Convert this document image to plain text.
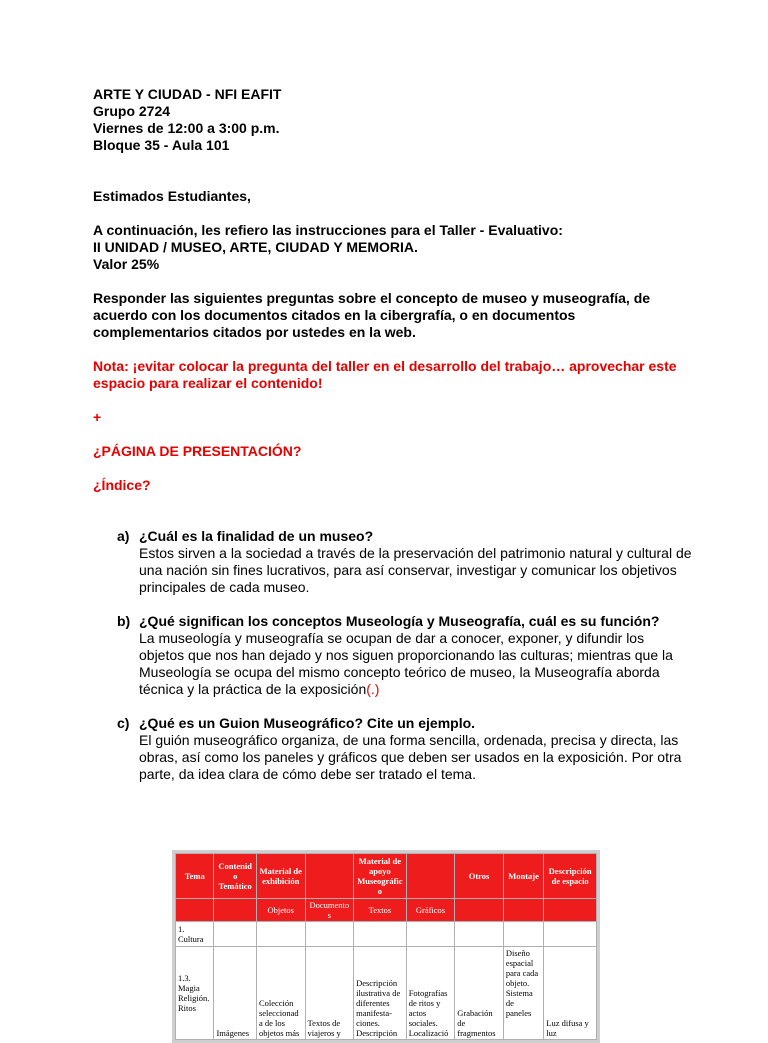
ARTE Y CIUDAD - NFI EAFIT
Grupo 2724
Viernes de 12:00 a 3:00 p.m.
Bloque 35 - Aula 101
Estimados Estudiantes,
A continuación, les refiero las instrucciones para el Taller - Evaluativo:
II UNIDAD / MUSEO, ARTE, CIUDAD Y MEMORIA.
Valor 25%
Responder las siguientes preguntas sobre el concepto de museo y museografía, de acuerdo con los documentos citados en la cibergrafía, o en documentos complementarios citados por ustedes en la web.
Nota: ¡evitar colocar la pregunta del taller en el desarrollo del trabajo… aprovechar este espacio para realizar el contenido!
+
¿PÁGINA DE PRESENTACIÓN?
¿Índice?
a) ¿Cuál es la finalidad de un museo?
Estos sirven a la sociedad a través de la preservación del patrimonio natural y cultural de una nación sin fines lucrativos, para así conservar, investigar y comunicar los objetivos principales de cada museo.
b) ¿Qué significan los conceptos Museología y Museografía, cuál es su función?
La museología y museografía se ocupan de dar a conocer, exponer, y difundir los objetos que nos han dejado y nos siguen proporcionando las culturas; mientras que la Museología se ocupa del mismo concepto teórico de museo, la Museografía aborda técnica y la práctica de la exposición(.)
c) ¿Qué es un Guion Museográfico? Cite un ejemplo.
El guión museográfico organiza, de una forma sencilla, ordenada, precisa y directa, las obras, así como los paneles y gráficos que deben ser usados en la exposición. Por otra parte, da idea clara de cómo debe ser tratado el tema.
Tema	Contenid o Temático	Material de exhibición		Material de apoyo Museográfic o		Otros	Montaje	Descripción de espacio
		Objetos	Documento s	Textos	Gráficos			
1. Cultura								
1.3. Magia Religión. Ritos	Imágenes	Colección seleccionad a de los objetos más	Textos de viajeros y	Descripción ilustrativa de diferentes manifesta- ciones. Descripción	Fotografías de ritos y actos sociales. Localizació	Grabación de fragmentos	Diseño espacial para cada objeto. Sistema de paneles	Luz difusa y luz
